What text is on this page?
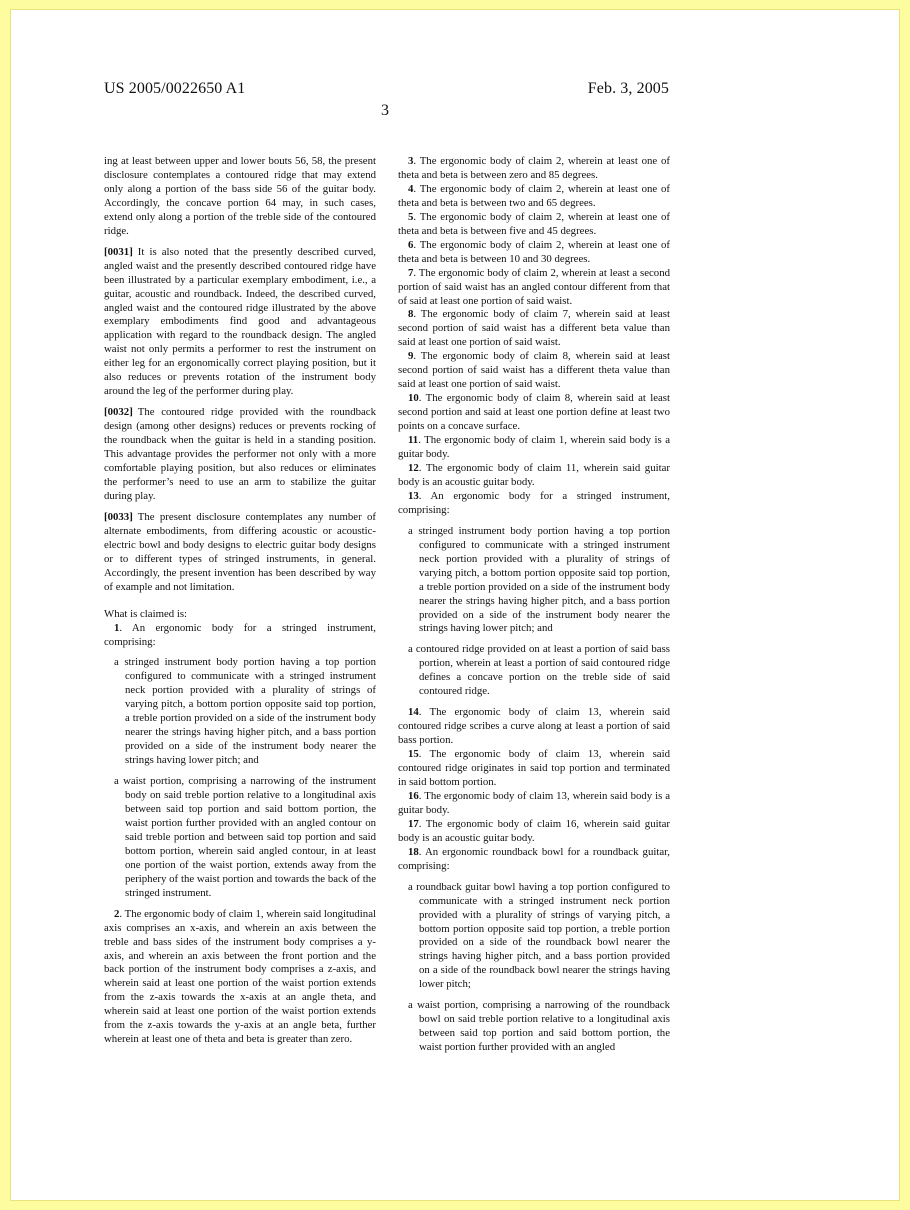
US 2005/0022650 A1	Feb. 3, 2005
3

ing at least between upper and lower bouts 56, 58, the present disclosure contemplates a contoured ridge that may extend only along a portion of the bass side 56 of the guitar body. Accordingly, the concave portion 64 may, in such cases, extend only along a portion of the treble side of the contoured ridge.

[0031] It is also noted that the presently described curved, angled waist and the presently described contoured ridge have been illustrated by a particular exemplary embodiment, i.e., a guitar, acoustic and roundback. Indeed, the described curved, angled waist and the contoured ridge illustrated by the above exemplary embodiments find good and advantageous application with regard to the roundback design. The angled waist not only permits a performer to rest the instrument on either leg for an ergonomically correct playing position, but it also reduces or prevents rotation of the instrument body around the leg of the performer during play.

[0032] The contoured ridge provided with the roundback design (among other designs) reduces or prevents rocking of the roundback when the guitar is held in a standing position. This advantage provides the performer not only with a more comfortable playing position, but also reduces or eliminates the performer’s need to use an arm to stabilize the guitar during play.

[0033] The present disclosure contemplates any number of alternate embodiments, from differing acoustic or acoustic-electric bowl and body designs to electric guitar body designs or to different types of stringed instruments, in general. Accordingly, the present invention has been described by way of example and not limitation.

What is claimed is:

1. An ergonomic body for a stringed instrument, comprising:

a stringed instrument body portion having a top portion configured to communicate with a stringed instrument neck portion provided with a plurality of strings of varying pitch, a bottom portion opposite said top portion, a treble portion provided on a side of the instrument body nearer the strings having higher pitch, and a bass portion provided on a side of the instrument body nearer the strings having lower pitch; and

a waist portion, comprising a narrowing of the instrument body on said treble portion relative to a longitudinal axis between said top portion and said bottom portion, the waist portion further provided with an angled contour on said treble portion and between said top portion and said bottom portion, wherein said angled contour, in at least one portion of the waist portion, extends away from the periphery of the waist portion and towards the back of the stringed instrument.

2. The ergonomic body of claim 1, wherein said longitudinal axis comprises an x-axis, and wherein an axis between the treble and bass sides of the instrument body comprises a y-axis, and wherein an axis between the front portion and the back portion of the instrument body comprises a z-axis, and wherein said at least one portion of the waist portion extends from the z-axis towards the x-axis at an angle theta, and wherein said at least one portion of the waist portion extends from the z-axis towards the y-axis at an angle beta, further wherein at least one of theta and beta is greater than zero.

3. The ergonomic body of claim 2, wherein at least one of theta and beta is between zero and 85 degrees.

4. The ergonomic body of claim 2, wherein at least one of theta and beta is between two and 65 degrees.

5. The ergonomic body of claim 2, wherein at least one of theta and beta is between five and 45 degrees.

6. The ergonomic body of claim 2, wherein at least one of theta and beta is between 10 and 30 degrees.

7. The ergonomic body of claim 2, wherein at least a second portion of said waist has an angled contour different from that of said at least one portion of said waist.

8. The ergonomic body of claim 7, wherein said at least second portion of said waist has a different beta value than said at least one portion of said waist.

9. The ergonomic body of claim 8, wherein said at least second portion of said waist has a different theta value than said at least one portion of said waist.

10. The ergonomic body of claim 8, wherein said at least second portion and said at least one portion define at least two points on a concave surface.

11. The ergonomic body of claim 1, wherein said body is a guitar body.

12. The ergonomic body of claim 11, wherein said guitar body is an acoustic guitar body.

13. An ergonomic body for a stringed instrument, comprising:

a stringed instrument body portion having a top portion configured to communicate with a stringed instrument neck portion provided with a plurality of strings of varying pitch, a bottom portion opposite said top portion, a treble portion provided on a side of the instrument body nearer the strings having higher pitch, and a bass portion provided on a side of the instrument body nearer the strings having lower pitch; and

a contoured ridge provided on at least a portion of said bass portion, wherein at least a portion of said contoured ridge defines a concave portion on the treble side of said contoured ridge.

14. The ergonomic body of claim 13, wherein said contoured ridge scribes a curve along at least a portion of said bass portion.

15. The ergonomic body of claim 13, wherein said contoured ridge originates in said top portion and terminated in said bottom portion.

16. The ergonomic body of claim 13, wherein said body is a guitar body.

17. The ergonomic body of claim 16, wherein said guitar body is an acoustic guitar body.

18. An ergonomic roundback bowl for a roundback guitar, comprising:

a roundback guitar bowl having a top portion configured to communicate with a stringed instrument neck portion provided with a plurality of strings of varying pitch, a bottom portion opposite said top portion, a treble portion provided on a side of the roundback bowl nearer the strings having higher pitch, and a bass portion provided on a side of the roundback bowl nearer the strings having lower pitch;

a waist portion, comprising a narrowing of the roundback bowl on said treble portion relative to a longitudinal axis between said top portion and said bottom portion, the waist portion further provided with an angled
